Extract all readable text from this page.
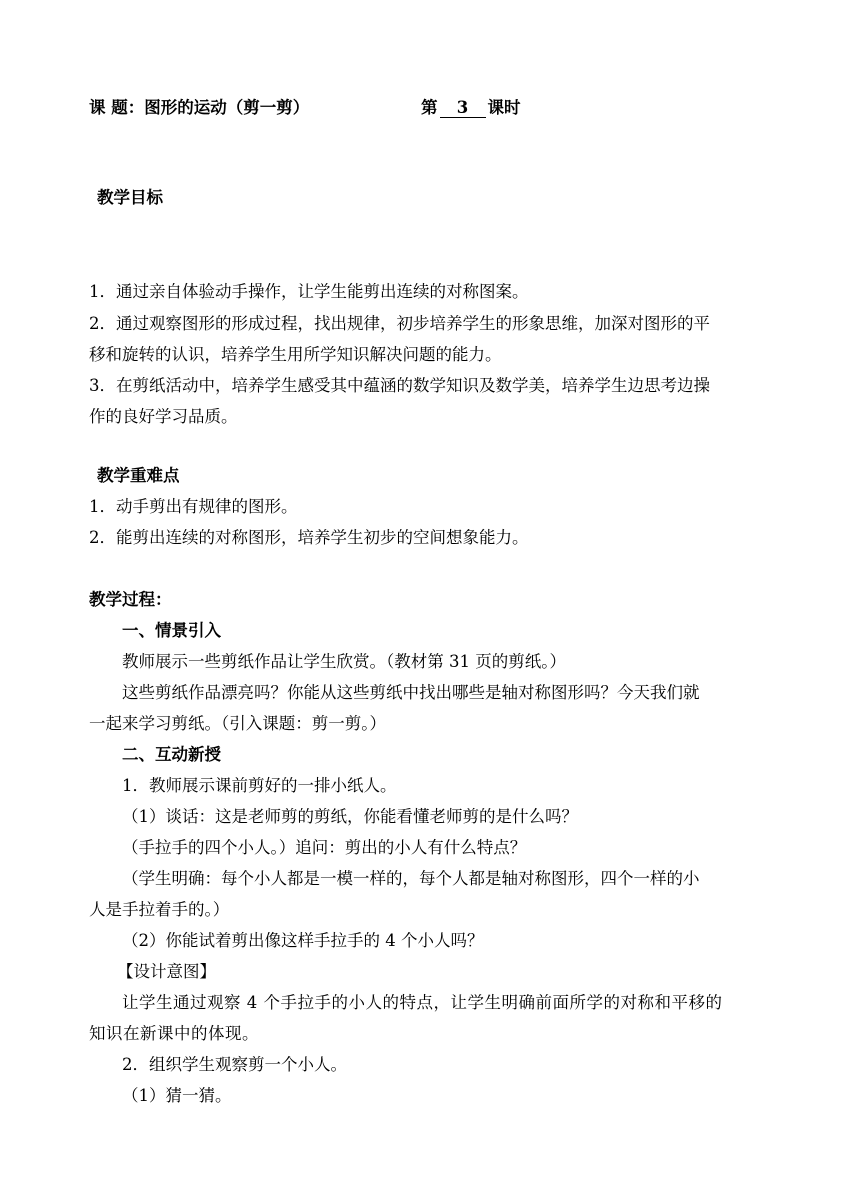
课 题：图形的运动（剪一剪）	第 3 课时
教学目标
1．通过亲自体验动手操作，让学生能剪出连续的对称图案。
2．通过观察图形的形成过程，找出规律，初步培养学生的形象思维，加深对图形的平
移和旋转的认识，培养学生用所学知识解决问题的能力。
3．在剪纸活动中，培养学生感受其中蕴涵的数学知识及数学美，培养学生边思考边操
作的良好学习品质。
教学重难点
1．动手剪出有规律的图形。
2．能剪出连续的对称图形，培养学生初步的空间想象能力。
教学过程：
一、情景引入
教师展示一些剪纸作品让学生欣赏。（教材第 31 页的剪纸。）
这些剪纸作品漂亮吗？你能从这些剪纸中找出哪些是轴对称图形吗？今天我们就
一起来学习剪纸。（引入课题：剪一剪。）
二、互动新授
1．教师展示课前剪好的一排小纸人。
（1）谈话：这是老师剪的剪纸，你能看懂老师剪的是什么吗？
（手拉手的四个小人。）追问：剪出的小人有什么特点？
（学生明确：每个小人都是一模一样的，每个人都是轴对称图形，四个一样的小
人是手拉着手的。）
（2）你能试着剪出像这样手拉手的 4 个小人吗？
【设计意图】
让学生通过观察 4 个手拉手的小人的特点，让学生明确前面所学的对称和平移的
知识在新课中的体现。
2．组织学生观察剪一个小人。
（1）猜一猜。
